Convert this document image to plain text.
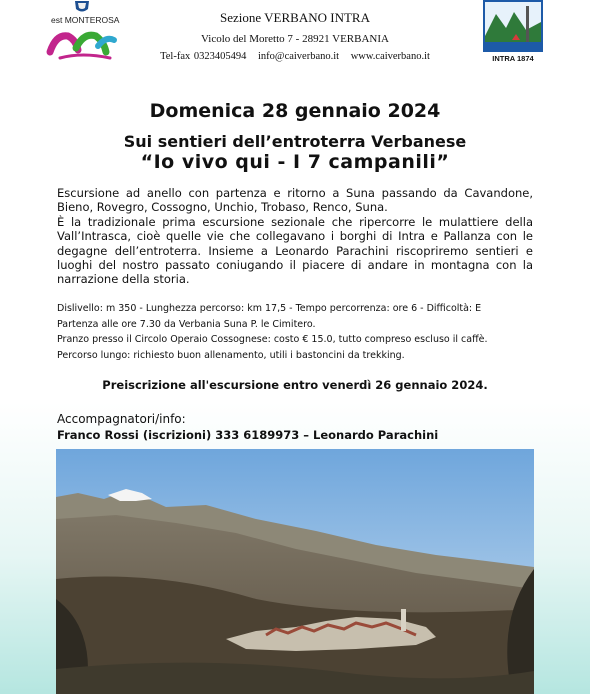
est MONTEROSA	Sezione VERBANO INTRA
Vicolo del Moretto 7 - 28921 VERBANIA
Tel-fax 0323405494 info@caiverbano.it www.caiverbano.it	INTRA 1874
Domenica 28 gennaio 2024
Sui sentieri dell’entroterra Verbanese
“Io vivo qui - I 7 campanili”
Escursione ad anello con partenza e ritorno a Suna passando da Cavandone, Bieno, Rovegro, Cossogno, Unchio, Trobaso, Renco, Suna.
È la tradizionale prima escursione sezionale che ripercorre le mulattiere della Vall’Intrasca, cioè quelle vie che collegavano i borghi di Intra e Pallanza con le degagne dell’entroterra. Insieme a Leonardo Parachini riscopriremo sentieri e luoghi del nostro passato coniugando il piacere di andare in montagna con la narrazione della storia.
Dislivello: m 350 - Lunghezza percorso: km 17,5 - Tempo percorrenza: ore 6 - Difficoltà: E
Partenza alle ore 7.30 da Verbania Suna P. le Cimitero.
Pranzo presso il Circolo Operaio Cossognese: costo € 15.0, tutto compreso escluso il caffè.
Percorso lungo: richiesto buon allenamento, utili i bastoncini da trekking.
Preiscrizione all'escursione entro venerdì 26 gennaio 2024.
Accompagnatori/info:
Franco Rossi (iscrizioni) 333 6189973 – Leonardo Parachini
